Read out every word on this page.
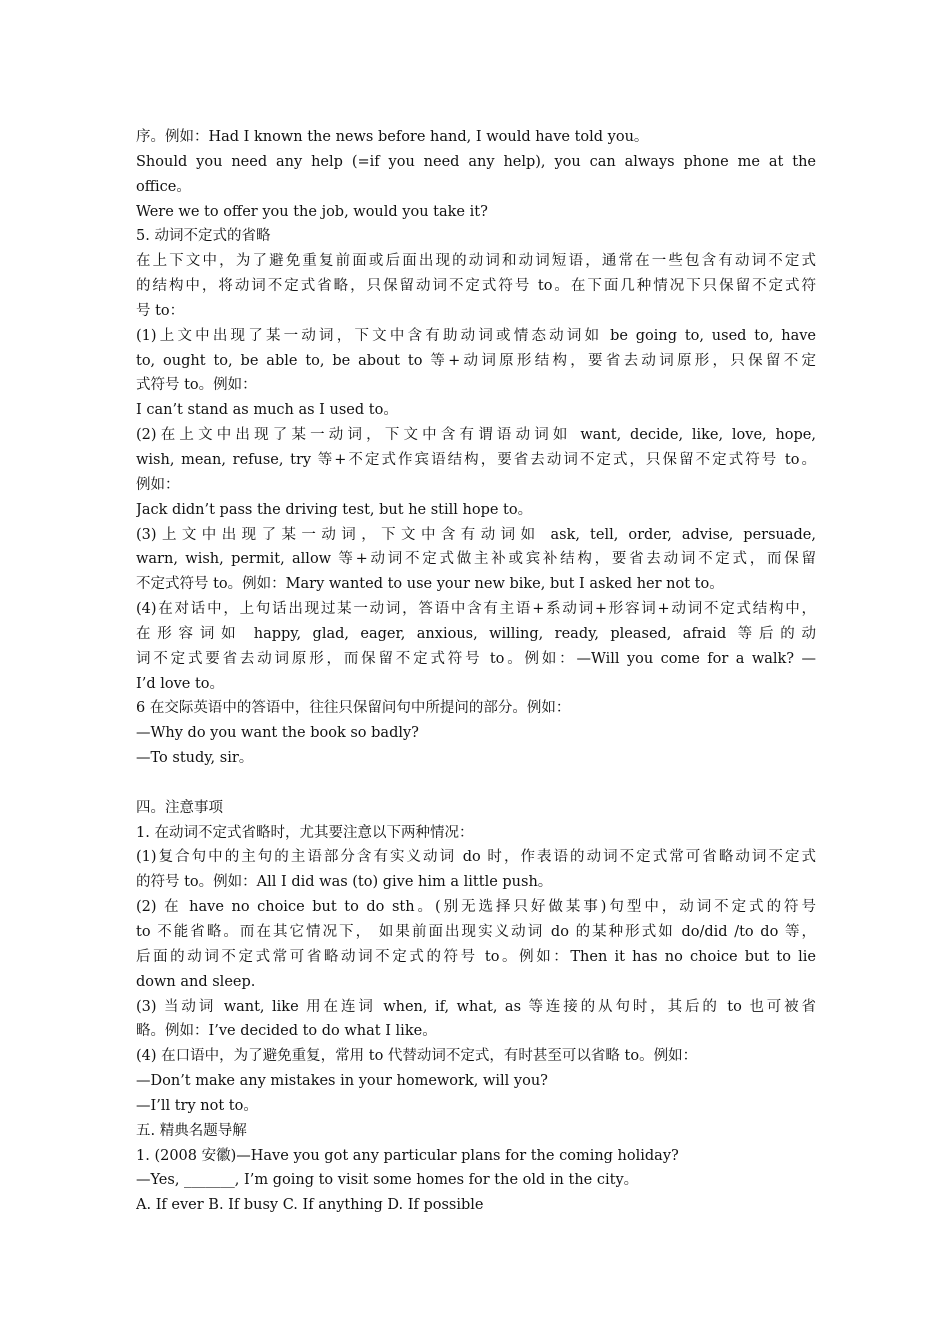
序。例如：Had I known the news before hand, I would have told you。
Should you need any help (=if you need any help), you can always phone me at the
office。
Were we to offer you the job, would you take it?
5. 动词不定式的省略
在上下文中，为了避免重复前面或后面出现的动词和动词短语，通常在一些包含有动词不定式
的结构中，将动词不定式省略，只保留动词不定式符号 to。在下面几种情况下只保留不定式符
号 to：
(1)上文中出现了某一动词，下文中含有助动词或情态动词如 be going to, used to, have
to, ought to, be able to, be about to 等+动词原形结构，要省去动词原形，只保留不定
式符号 to。例如：
I can’t stand as much as I used to。
(2)在上文中出现了某一动词，下文中含有谓语动词如 want, decide, like, love, hope,
wish, mean, refuse, try 等+不定式作宾语结构，要省去动词不定式，只保留不定式符号 to。
例如：
Jack didn’t pass the driving test, but he still hope to。
(3)上文中出现了某一动词，下文中含有动词如 ask, tell, order, advise, persuade,
warn, wish, permit, allow 等+动词不定式做主补或宾补结构，要省去动词不定式，而保留
不定式符号 to。例如：Mary wanted to use your new bike, but I asked her not to。
(4)在对话中，上句话出现过某一动词，答语中含有主语+系动词+形容词+动词不定式结构中，
在形容词如 happy, glad, eager, anxious, willing, ready, pleased, afraid 等后的动
词不定式要省去动词原形，而保留不定式符号 to。例如：—Will you come for a walk? —
I’d love to。
6 在交际英语中的答语中，往往只保留问句中所提问的部分。例如：
—Why do you want the book so badly?
—To study, sir。
四。注意事项
1. 在动词不定式省略时，尤其要注意以下两种情况：
(1)复合句中的主句的主语部分含有实义动词 do 时，作表语的动词不定式常可省略动词不定式
的符号 to。例如：All I did was (to) give him a little push。
(2) 在 have no choice but to do sth。(别无选择只好做某事)句型中，动词不定式的符号
to 不能省略。而在其它情况下， 如果前面出现实义动词 do 的某种形式如 do/did /to do 等，
后面的动词不定式常可省略动词不定式的符号 to。例如：Then it has no choice but to lie
down and sleep.
(3) 当动词 want, like 用在连词 when, if, what, as 等连接的从句时，其后的 to 也可被省
略。例如：I’ve decided to do what I like。
(4) 在口语中，为了避免重复，常用 to 代替动词不定式，有时甚至可以省略 to。例如：
—Don’t make any mistakes in your homework, will you?
—I’ll try not to。
五. 精典名题导解
1. (2008 安徽)—Have you got any particular plans for the coming holiday?
—Yes, _______, I’m going to visit some homes for the old in the city。
A. If ever B. If busy C. If anything D. If possible
